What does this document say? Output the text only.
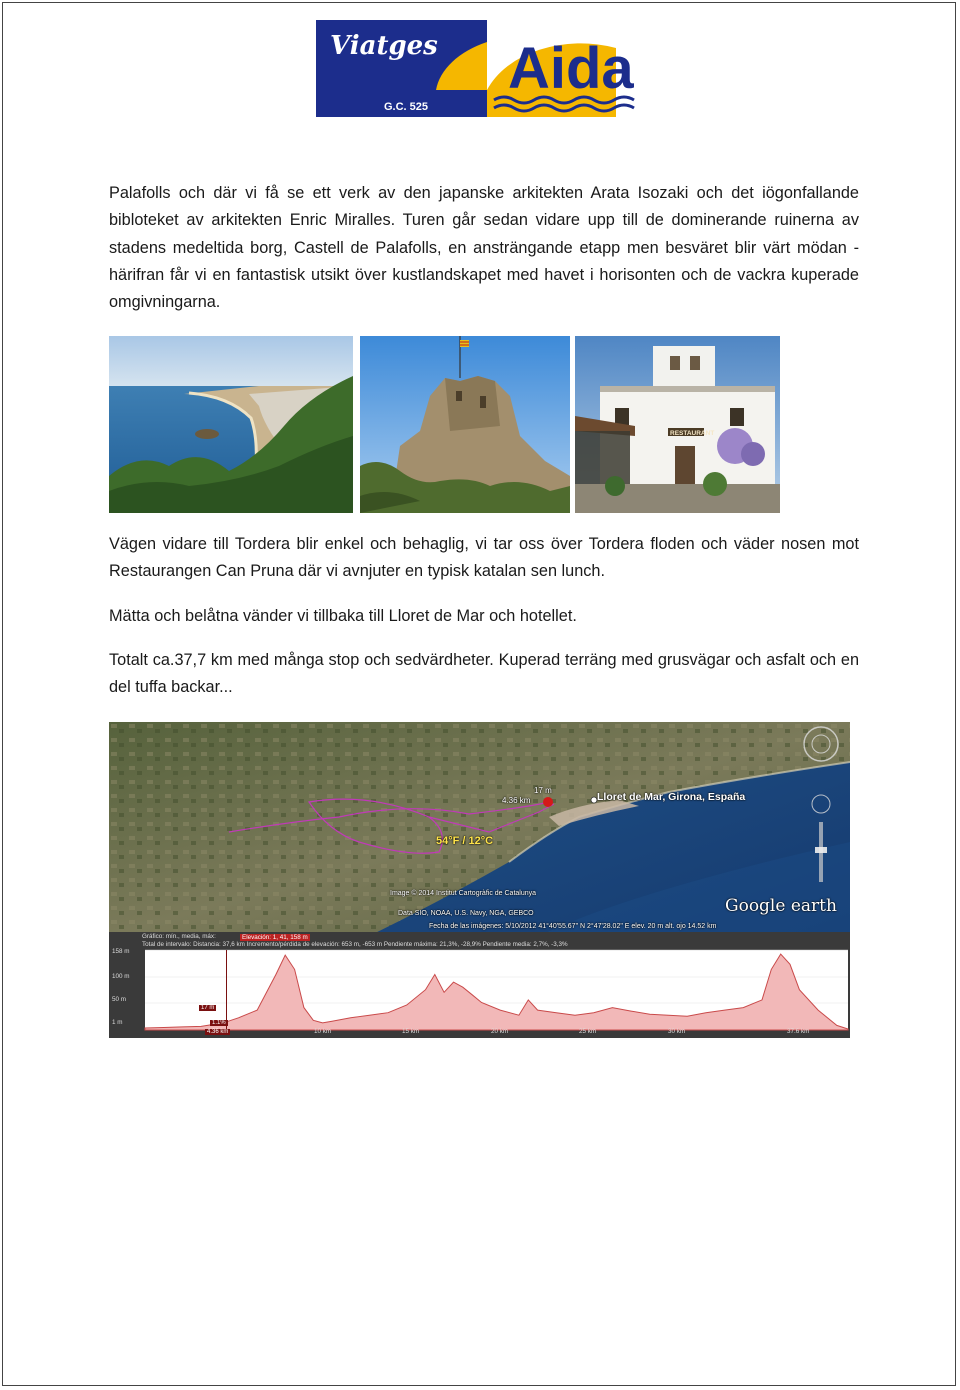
Viatges
G.C. 525
Aida

Palafolls och där vi få se ett verk av den japanske arkitekten Arata Isozaki och det iögonfallande bibloteket av arkitekten Enric Miralles. Turen går sedan vidare upp till de dominerande ruinerna av stadens medeltida borg, Castell de Palafolls, en ansträngande etapp men besväret blir värt mödan - härifran får vi en fantastisk utsikt över kustlandskapet med havet i horisonten och de vackra kuperade omgivningarna.

RESTAURANT

Vägen vidare till Tordera blir enkel och behaglig, vi tar oss över Tordera floden och väder nosen mot Restaurangen Can Pruna där vi avnjuter en typisk katalan sen lunch.

Mätta och belåtna vänder vi tillbaka till Lloret de Mar och hotellet.

Totalt ca.37,7 km med många stop och sedvärdheter. Kuperad terräng med grusvägar och asfalt och en del tuffa backar...

Lloret de Mar, Girona, España
54°F / 12°C
4.36 km
17 m
Image © 2014 Institut Cartogràfic de Catalunya
Data SIO, NOAA, U.S. Navy, NGA, GEBCO
Fecha de las imágenes: 5/10/2012 41°40'55.67" N 2°47'28.02" E elev. 20 m alt. ojo 14.52 km
Google earth
Gráfico: mín., media, máx:	Elevación: 1, 41, 158 m
Total de intervalo: Distancia: 37,6 km Incremento/pérdida de elevación: 653 m, -653 m Pendiente máxima: 21,3%, -28,9% Pendiente media: 2,7%, -3,3%
158 m
100 m
50 m
1 m
10 km	15 km	20 km	25 km	30 km	37.6 km
17 m
1.1%
4.36 km
